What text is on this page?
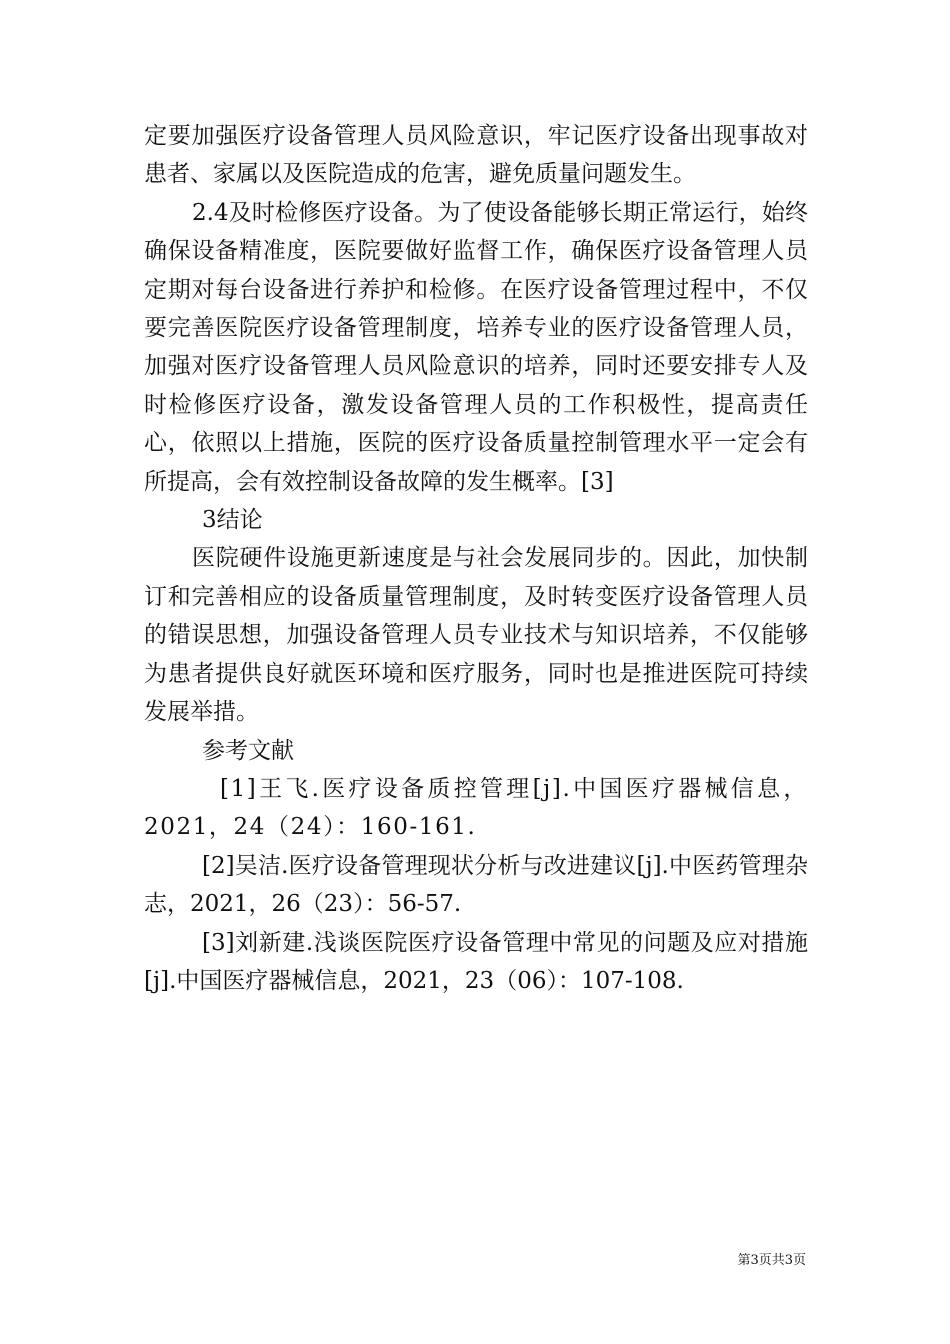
定要加强医疗设备管理人员风险意识，牢记医疗设备出现事故对患者、家属以及医院造成的危害，避免质量问题发生。

2.4及时检修医疗设备。为了使设备能够长期正常运行，始终确保设备精准度，医院要做好监督工作，确保医疗设备管理人员定期对每台设备进行养护和检修。在医疗设备管理过程中，不仅要完善医院医疗设备管理制度，培养专业的医疗设备管理人员，加强对医疗设备管理人员风险意识的培养，同时还要安排专人及时检修医疗设备，激发设备管理人员的工作积极性，提高责任心，依照以上措施，医院的医疗设备质量控制管理水平一定会有所提高，会有效控制设备故障的发生概率。[3]

3结论

医院硬件设施更新速度是与社会发展同步的。因此，加快制订和完善相应的设备质量管理制度，及时转变医疗设备管理人员的错误思想，加强设备管理人员专业技术与知识培养，不仅能够为患者提供良好就医环境和医疗服务，同时也是推进医院可持续发展举措。

参考文献

[1]王飞.医疗设备质控管理[j].中国医疗器械信息，2021，24（24）：160-161.

[2]吴洁.医疗设备管理现状分析与改进建议[j].中医药管理杂志，2021，26（23）：56-57.

[3]刘新建.浅谈医院医疗设备管理中常见的问题及应对措施[j].中国医疗器械信息，2021，23（06）：107-108.

第3页共3页
